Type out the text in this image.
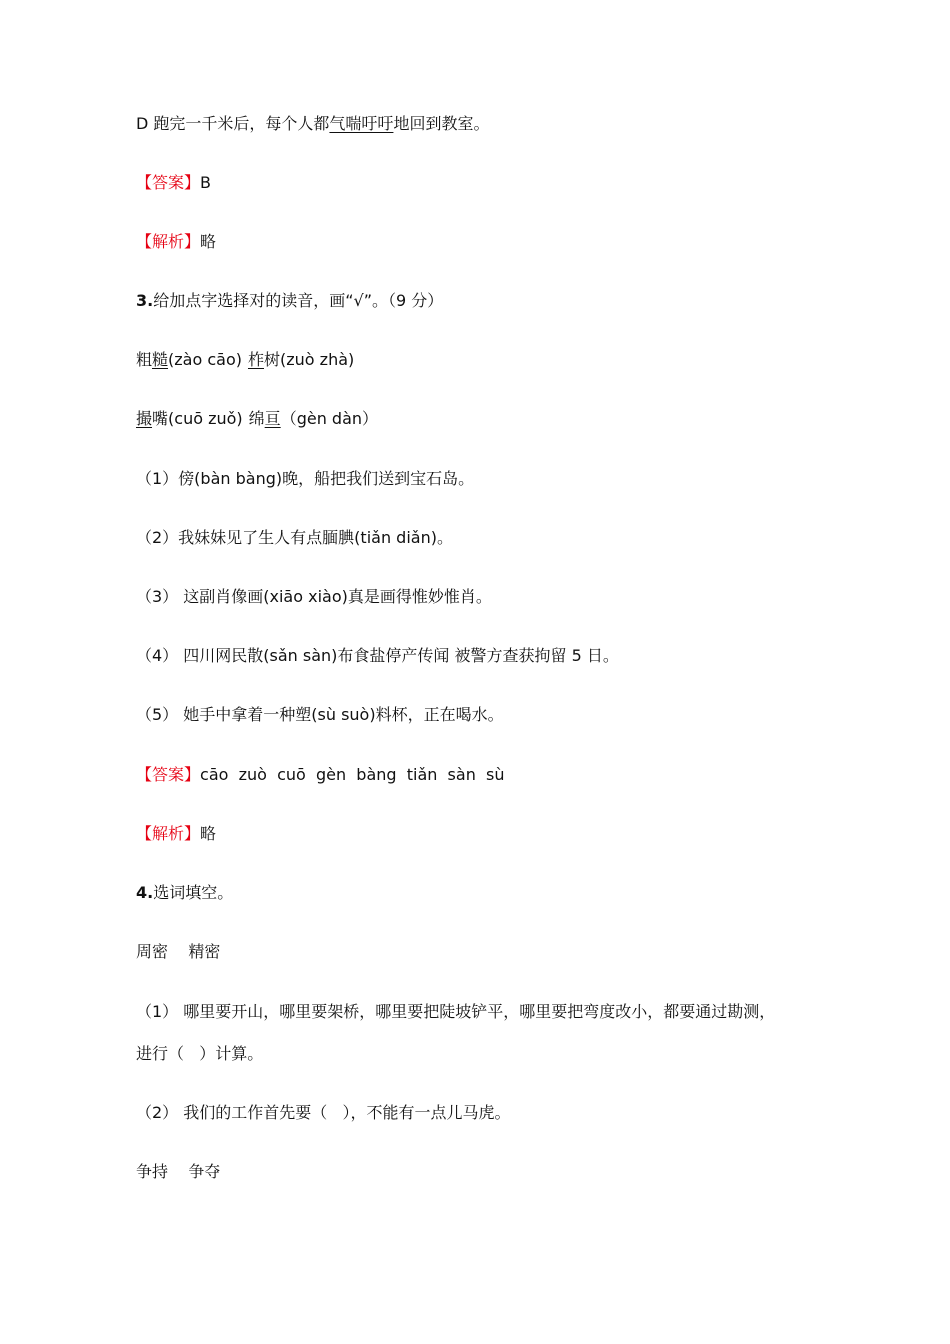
D 跑完一千米后，每个人都气喘吁吁地回到教室。
【答案】B
【解析】略
3.给加点字选择对的读音，画“√”。（9 分）
粗糙(zào cāo) 柞树(zuò zhà)
撮嘴(cuō zuǒ) 绵亘（gèn dàn）
（1）傍(bàn bàng)晚，船把我们送到宝石岛。
（2）我妹妹见了生人有点腼腆(tiǎn diǎn)。
（3） 这副肖像画(xiāo xiào)真是画得惟妙惟肖。
（4） 四川网民散(sǎn sàn)布食盐停产传闻 被警方查获拘留 5 日。
（5） 她手中拿着一种塑(sù suò)料杯，正在喝水。
【答案】cāo  zuò  cuō  gèn  bàng  tiǎn  sàn  sù
【解析】略
4.选词填空。
周密    精密
（1） 哪里要开山，哪里要架桥，哪里要把陡坡铲平，哪里要把弯度改小，都要通过勘测，
进行（   ）计算。
（2） 我们的工作首先要（   ），不能有一点儿马虎。
争持    争夺
